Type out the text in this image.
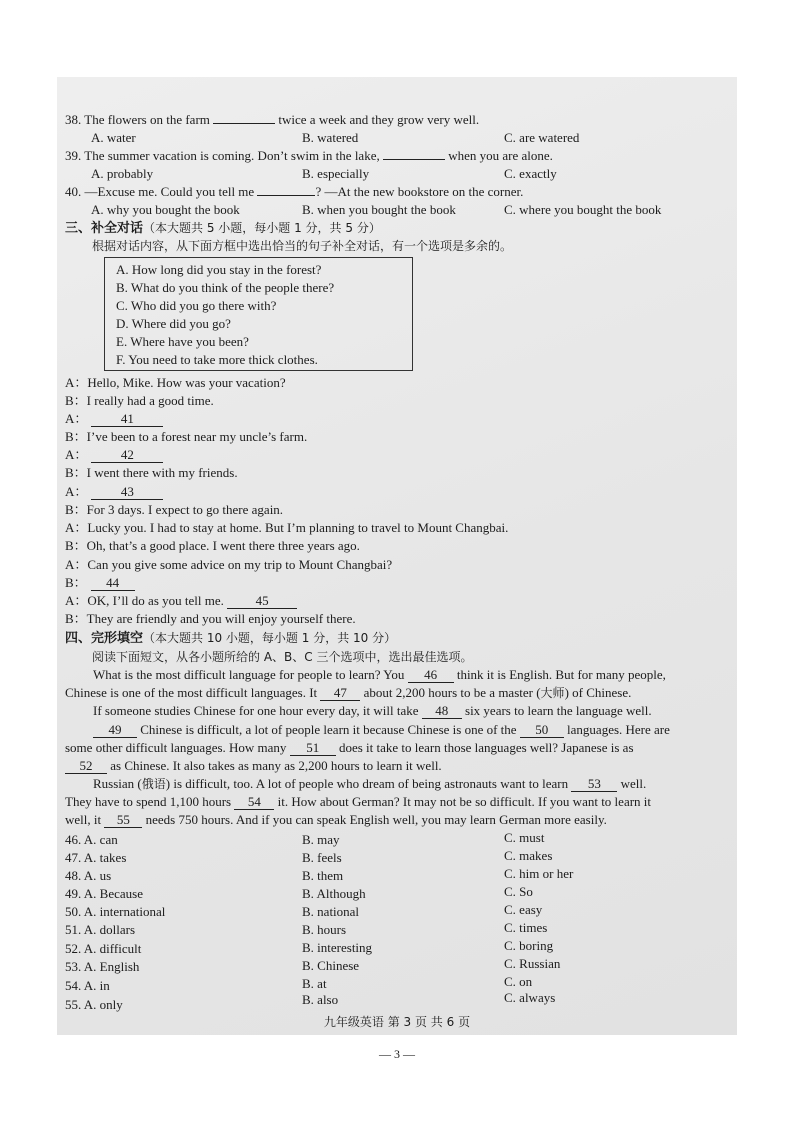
38. The flowers on the farm	twice a week and they grow very well.
A. water	B. watered	C. are watered
39. The summer vacation is coming. Don’t swim in the lake,	when you are alone.
A. probably	B. especially	C. exactly
40. —Excuse me. Could you tell me	? —At the new bookstore on the corner.
A. why you bought the book	B. when you bought the book	C. where you bought the book
三、补全对话（本大题共 5 小题，每小题 1 分，共 5 分）
根据对话内容，从下面方框中选出恰当的句子补全对话，有一个选项是多余的。
A. How long did you stay in the forest?
B. What do you think of the people there?
C. Who did you go there with?
D. Where did you go?
E. Where have you been?
F. You need to take more thick clothes.
A：Hello, Mike. How was your vacation?
B：I really had a good time.
A：	41
B：I’ve been to a forest near my uncle’s farm.
A：	42
B：I went there with my friends.
A：	43
B：For 3 days. I expect to go there again.
A：Lucky you. I had to stay at home. But I’m planning to travel to Mount Changbai.
B：Oh, that’s a good place. I went there three years ago.
A：Can you give some advice on my trip to Mount Changbai?
B： 44
A：OK, I’ll do as you tell me. 45
B：They are friendly and you will enjoy yourself there.
四、完形填空（本大题共 10 小题，每小题 1 分，共 10 分）
阅读下面短文，从各小题所给的 A、B、C 三个选项中，选出最佳选项。
What is the most difficult language for people to learn? You 46 think it is English. But for many people,
Chinese is one of the most difficult languages. It 47 about 2,200 hours to be a master (大师) of Chinese.
If someone studies Chinese for one hour every day, it will take 48 six years to learn the language well.
49 Chinese is difficult, a lot of people learn it because Chinese is one of the 50 languages. Here are
some other difficult languages. How many 51 does it take to learn those languages well? Japanese is as
52 as Chinese. It also takes as many as 2,200 hours to learn it well.
Russian (俄语) is difficult, too. A lot of people who dream of being astronauts want to learn 53 well.
They have to spend 1,100 hours 54 it. How about German? It may not be so difficult. If you want to learn it
well, it 55 needs 750 hours. And if you can speak English well, you may learn German more easily.
46. A. can	B. may	C. must
47. A. takes	B. feels	C. makes
48. A. us	B. them	C. him or her
49. A. Because	B. Although	C. So
50. A. international	B. national	C. easy
51. A. dollars	B. hours	C. times
52. A. difficult	B. interesting	C. boring
53. A. English	B. Chinese	C. Russian
54. A. in	B. at	C. on
55. A. only	B. also	C. always
九年级英语 第 3 页 共 6 页
— 3 —
